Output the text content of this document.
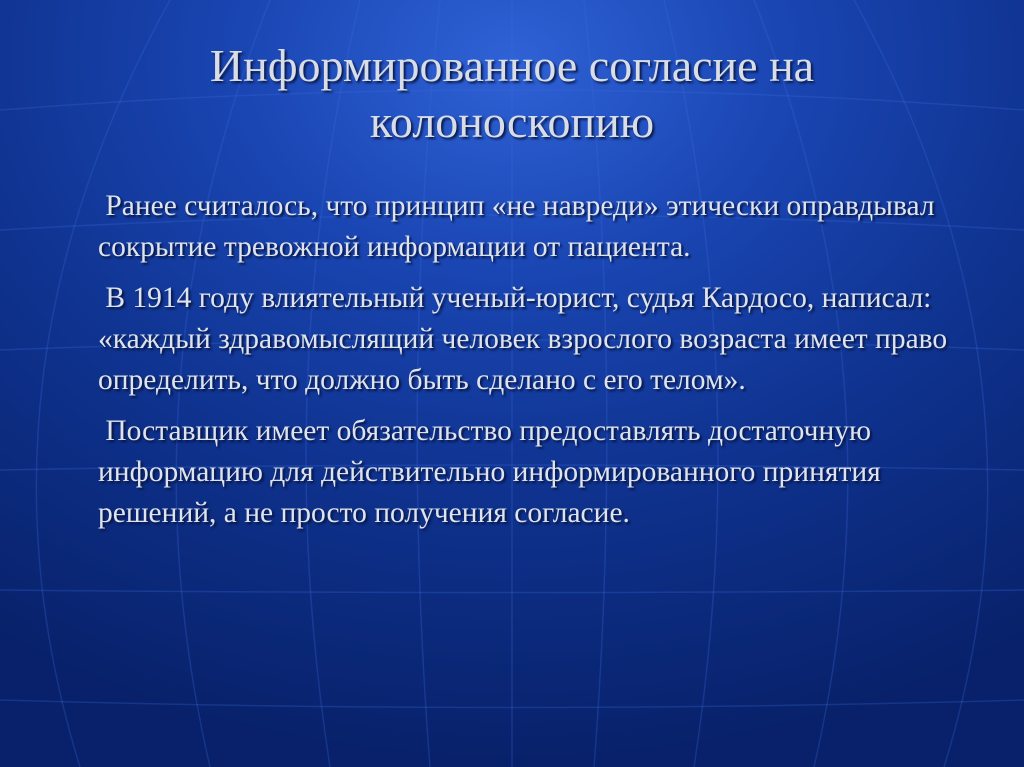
Информированное согласие на колоноскопию

Ранее считалось, что принцип «не навреди» этически оправдывал сокрытие тревожной информации от пациента.

В 1914 году влиятельный ученый-юрист, судья Кардосо, написал: «каждый здравомыслящий человек взрослого возраста имеет право определить, что должно быть сделано с его телом».

Поставщик имеет обязательство предоставлять достаточную информацию для действительно информированного принятия решений, а не просто получения согласие.
